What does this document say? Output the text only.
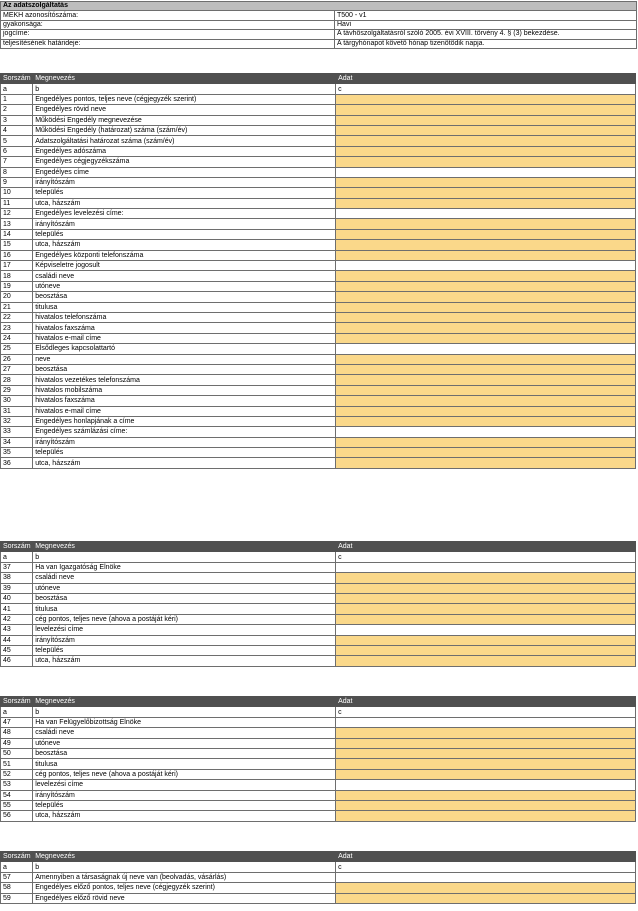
Az adatszolgáltatás	
MEKH azonosítószáma:	T500 - v1
gyakorisága:	Havi
jogcíme:	A távhőszolgáltatásról szóló 2005. évi XVIII. törvény 4. § (3) bekezdése.
teljesítésének határideje:	A tárgyhónapot követő hónap tizenötödik napja.
Sorszám	Megnevezés	Adat
a	b	c
1	Engedélyes pontos, teljes neve (cégjegyzék szerint)	
2	Engedélyes rövid neve	
3	Működési Engedély megnevezése	
4	Működési Engedély (határozat) száma (szám/év)	
5	Adatszolgáltatási határozat száma (szám/év)	
6	Engedélyes adószáma	
7	Engedélyes cégjegyzékszáma	
8	Engedélyes címe	
9	irányítószám	
10	település	
11	utca, házszám	
12	Engedélyes levelezési címe:	
13	irányítószám	
14	település	
15	utca, házszám	
16	Engedélyes központi telefonszáma	
17	Képviseletre jogosult	
18	családi neve	
19	utóneve	
20	beosztása	
21	titulusa	
22	hivatalos telefonszáma	
23	hivatalos faxszáma	
24	hivatalos e-mail címe	
25	Elsődleges kapcsolattartó	
26	neve	
27	beosztása	
28	hivatalos vezetékes telefonszáma	
29	hivatalos mobilszáma	
30	hivatalos faxszáma	
31	hivatalos e-mail címe	
32	Engedélyes honlapjának a címe	
33	Engedélyes számlázási címe:	
34	irányítószám	
35	település	
36	utca, házszám	
Sorszám	Megnevezés	Adat
a	b	c
37	Ha van Igazgatóság Elnöke	
38	családi neve	
39	utóneve	
40	beosztása	
41	titulusa	
42	cég pontos, teljes neve (ahova a postáját kéri)	
43	levelezési címe	
44	irányítószám	
45	település	
46	utca, házszám	
Sorszám	Megnevezés	Adat
a	b	c
47	Ha van Felügyelőbizottság Elnöke	
48	családi neve	
49	utóneve	
50	beosztása	
51	titulusa	
52	cég pontos, teljes neve (ahova a postáját kéri)	
53	levelezési címe	
54	irányítószám	
55	település	
56	utca, házszám	
Sorszám	Megnevezés	Adat
a	b	c
57	Amennyiben a társaságnak új neve van (beolvadás, vásárlás)	
58	Engedélyes előző pontos, teljes neve (cégjegyzék szerint)	
59	Engedélyes előző rövid neve	
